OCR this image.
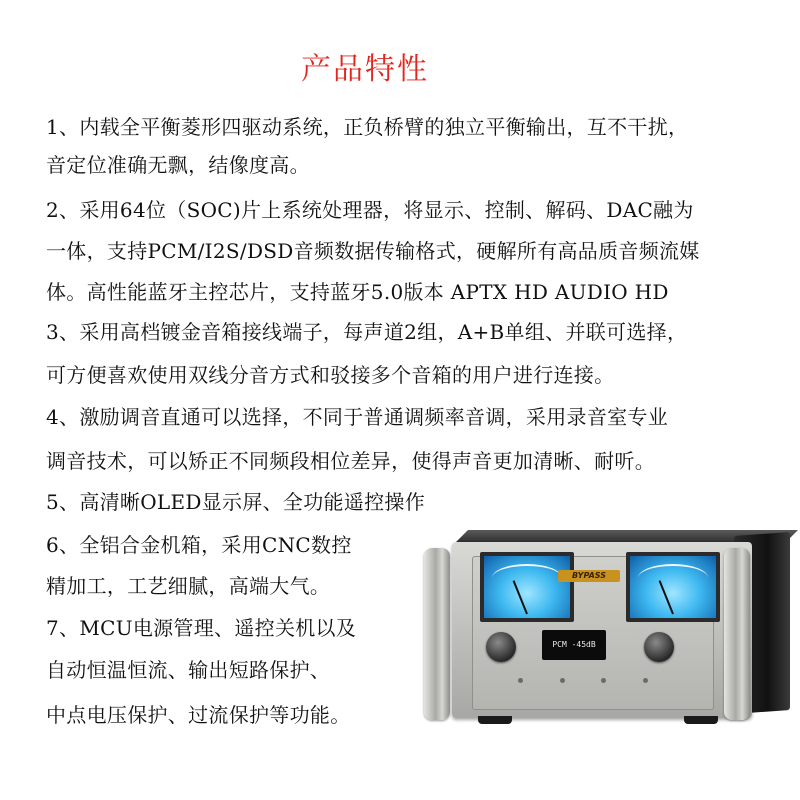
产品特性
1、内载全平衡菱形四驱动系统，正负桥臂的独立平衡输出，互不干扰，
音定位准确无飘，结像度高。
2、采用64位（SOC)片上系统处理器，将显示、控制、解码、DAC融为
一体，支持PCM/I2S/DSD音频数据传输格式，硬解所有高品质音频流媒
体。高性能蓝牙主控芯片，支持蓝牙5.0版本 APTX HD AUDIO HD
3、采用高档镀金音箱接线端子，每声道2组，A+B单组、并联可选择，
可方便喜欢使用双线分音方式和驳接多个音箱的用户进行连接。
4、激励调音直通可以选择，不同于普通调频率音调，采用录音室专业
调音技术，可以矫正不同频段相位差异，使得声音更加清晰、耐听。
5、高清晰OLED显示屏、全功能遥控操作
6、全铝合金机箱，采用CNC数控
精加工，工艺细腻，高端大气。
7、MCU电源管理、遥控关机以及
自动恒温恒流、输出短路保护、
中点电压保护、过流保护等功能。
BYPASS
PCM -45dB
